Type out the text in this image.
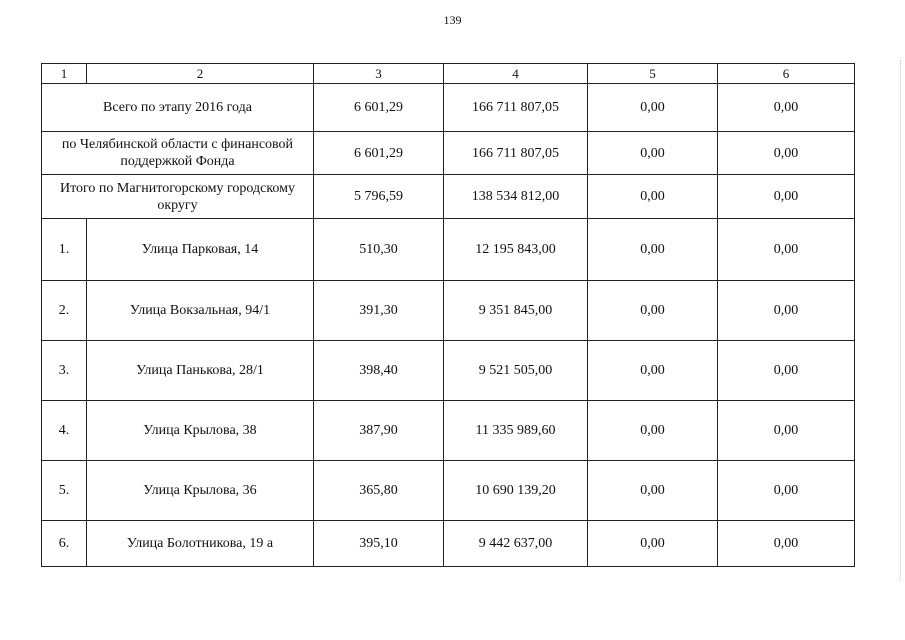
139
1	2	3	4	5	6
Всего по этапу 2016 года		6 601,29	166 711 807,05	0,00	0,00
по Челябинской области с финансовой поддержкой Фонда		6 601,29	166 711 807,05	0,00	0,00
Итого по Магнитогорскому городскому округу		5 796,59	138 534 812,00	0,00	0,00
1.	Улица Парковая, 14	510,30	12 195 843,00	0,00	0,00
2.	Улица Вокзальная, 94/1	391,30	9 351 845,00	0,00	0,00
3.	Улица Панькова, 28/1	398,40	9 521 505,00	0,00	0,00
4.	Улица Крылова, 38	387,90	11 335 989,60	0,00	0,00
5.	Улица Крылова, 36	365,80	10 690 139,20	0,00	0,00
6.	Улица Болотникова, 19 а	395,10	9 442 637,00	0,00	0,00
